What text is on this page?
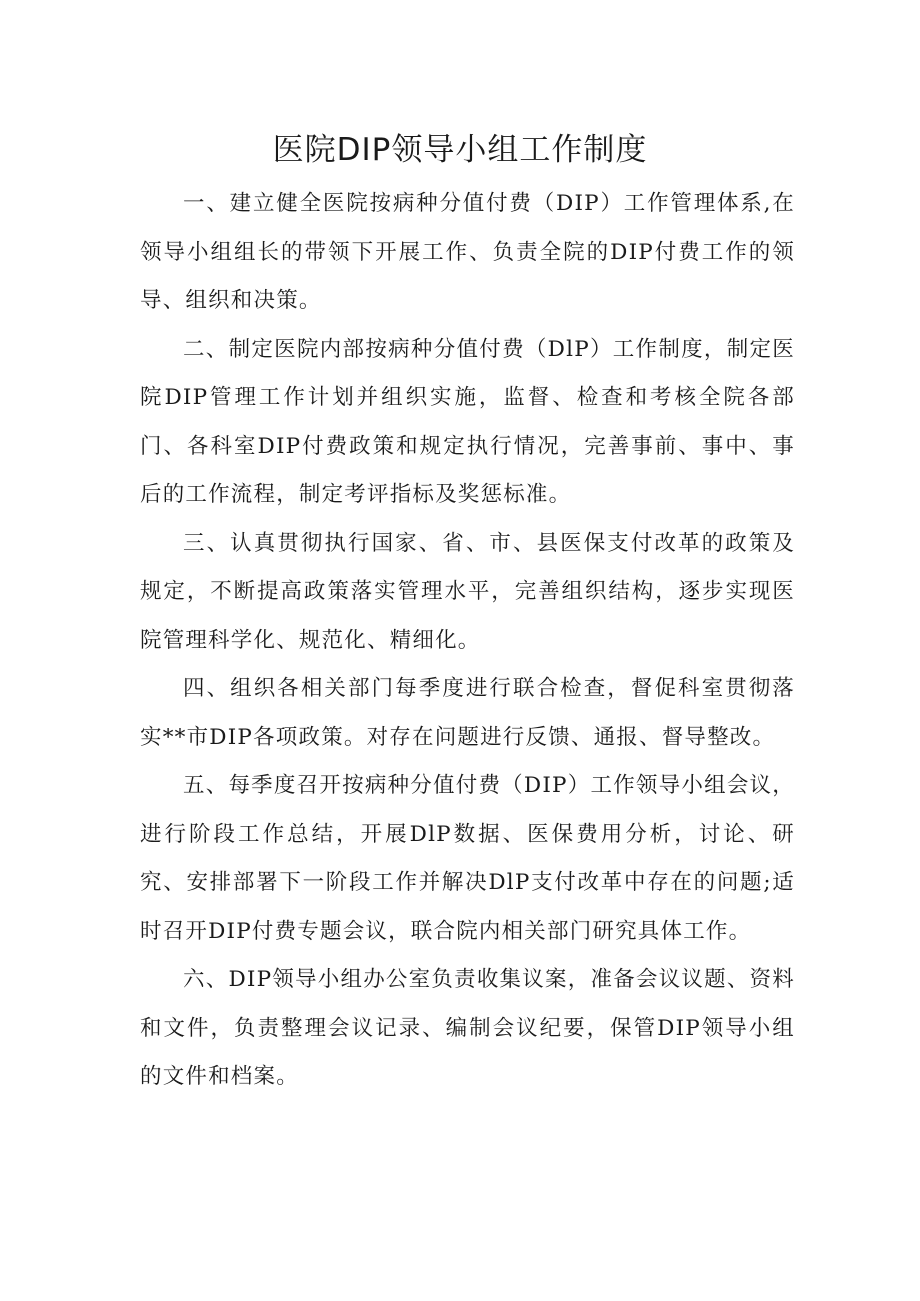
医院DIP领导小组工作制度

一、建立健全医院按病种分值付费（DIP）工作管理体系,在领导小组组长的带领下开展工作、负责全院的DIP付费工作的领导、组织和决策。

二、制定医院内部按病种分值付费（DlP）工作制度，制定医院DIP管理工作计划并组织实施，监督、检查和考核全院各部门、各科室DIP付费政策和规定执行情况，完善事前、事中、事后的工作流程，制定考评指标及奖惩标准。

三、认真贯彻执行国家、省、市、县医保支付改革的政策及规定，不断提高政策落实管理水平，完善组织结构，逐步实现医院管理科学化、规范化、精细化。

四、组织各相关部门每季度进行联合检查，督促科室贯彻落实**市DIP各项政策。对存在问题进行反馈、通报、督导整改。

五、每季度召开按病种分值付费（DIP）工作领导小组会议，进行阶段工作总结，开展DlP数据、医保费用分析，讨论、研究、安排部署下一阶段工作并解决DlP支付改革中存在的问题;适时召开DIP付费专题会议，联合院内相关部门研究具体工作。

六、DIP领导小组办公室负责收集议案，准备会议议题、资料和文件，负责整理会议记录、编制会议纪要，保管DIP领导小组的文件和档案。
